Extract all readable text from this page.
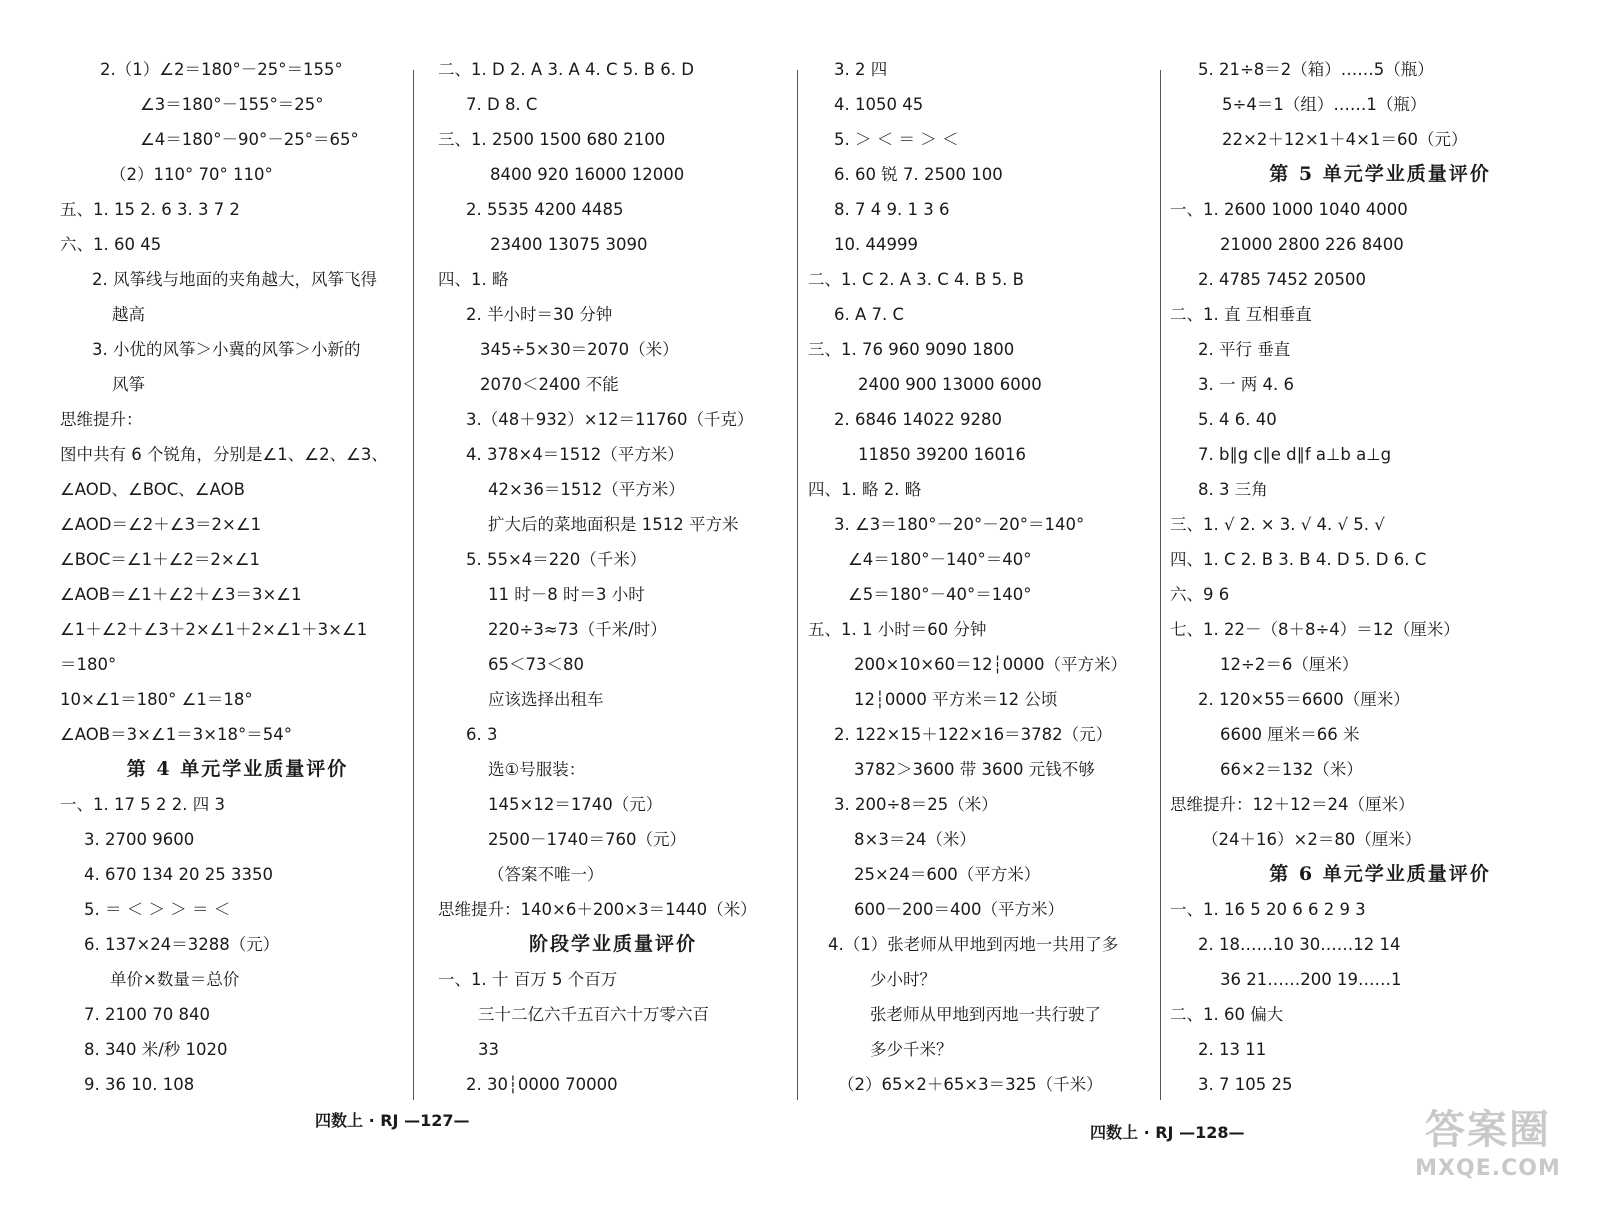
2.（1）∠2＝180°－25°＝155°
∠3＝180°－155°＝25°
∠4＝180°－90°－25°＝65°
（2）110° 70° 110°
五、1. 15 2. 6 3. 3 7 2
六、1. 60 45
2. 风筝线与地面的夹角越大，风筝飞得
越高
3. 小优的风筝＞小冀的风筝＞小新的
风筝
思维提升：
图中共有 6 个锐角，分别是∠1、∠2、∠3、
∠AOD、∠BOC、∠AOB
∠AOD＝∠2＋∠3＝2×∠1
∠BOC＝∠1＋∠2＝2×∠1
∠AOB＝∠1＋∠2＋∠3＝3×∠1
∠1＋∠2＋∠3＋2×∠1＋2×∠1＋3×∠1
＝180°
10×∠1＝180° ∠1＝18°
∠AOB＝3×∠1＝3×18°＝54°
第 4 单元学业质量评价
一、1. 17 5 2 2. 四 3
3. 2700 9600
4. 670 134 20 25 3350
5. ＝ ＜ ＞ ＞ ＝ ＜
6. 137×24＝3288（元）
单价×数量＝总价
7. 2100 70 840
8. 340 米/秒 1020
9. 36 10. 108
二、1. D 2. A 3. A 4. C 5. B 6. D
7. D 8. C
三、1. 2500 1500 680 2100
8400 920 16000 12000
2. 5535 4200 4485
23400 13075 3090
四、1. 略
2. 半小时＝30 分钟
345÷5×30＝2070（米）
2070＜2400 不能
3.（48＋932）×12＝11760（千克）
4. 378×4＝1512（平方米）
42×36＝1512（平方米）
扩大后的菜地面积是 1512 平方米
5. 55×4＝220（千米）
11 时－8 时＝3 小时
220÷3≈73（千米/时）
65＜73＜80
应该选择出租车
6. 3
选①号服装：
145×12＝1740（元）
2500－1740＝760（元）
（答案不唯一）
思维提升：140×6＋200×3＝1440（米）
阶段学业质量评价
一、1. 十 百万 5 个百万
三十二亿六千五百六十万零六百
33
2. 30┆0000 70000
3. 2 四
4. 1050 45
5. ＞ ＜ ＝ ＞ ＜
6. 60 锐 7. 2500 100
8. 7 4 9. 1 3 6
10. 44999
二、1. C 2. A 3. C 4. B 5. B
6. A 7. C
三、1. 76 960 9090 1800
2400 900 13000 6000
2. 6846 14022 9280
11850 39200 16016
四、1. 略 2. 略
3. ∠3＝180°－20°－20°＝140°
∠4＝180°－140°＝40°
∠5＝180°－40°＝140°
五、1. 1 小时＝60 分钟
200×10×60＝12┆0000（平方米）
12┆0000 平方米＝12 公顷
2. 122×15＋122×16＝3782（元）
3782＞3600 带 3600 元钱不够
3. 200÷8＝25（米）
8×3＝24（米）
25×24＝600（平方米）
600－200＝400（平方米）
4.（1）张老师从甲地到丙地一共用了多
少小时？
张老师从甲地到丙地一共行驶了
多少千米？
（2）65×2＋65×3＝325（千米）
5. 21÷8＝2（箱）……5（瓶）
5÷4＝1（组）……1（瓶）
22×2＋12×1＋4×1＝60（元）
第 5 单元学业质量评价
一、1. 2600 1000 1040 4000
21000 2800 226 8400
2. 4785 7452 20500
二、1. 直 互相垂直
2. 平行 垂直
3. 一 两 4. 6
5. 4 6. 40
7. b∥g c∥e d∥f a⊥b a⊥g
8. 3 三角
三、1. √ 2. × 3. √ 4. √ 5. √
四、1. C 2. B 3. B 4. D 5. D 6. C
六、9 6
七、1. 22－（8＋8÷4）＝12（厘米）
12÷2＝6（厘米）
2. 120×55＝6600（厘米）
6600 厘米＝66 米
66×2＝132（米）
思维提升：12＋12＝24（厘米）
（24＋16）×2＝80（厘米）
第 6 单元学业质量评价
一、1. 16 5 20 6 6 2 9 3
2. 18……10 30……12 14
36 21……200 19……1
二、1. 60 偏大
2. 13 11
3. 7 105 25
四数上 · RJ —127—
四数上 · RJ —128—	答案圈
MXQE.COM
